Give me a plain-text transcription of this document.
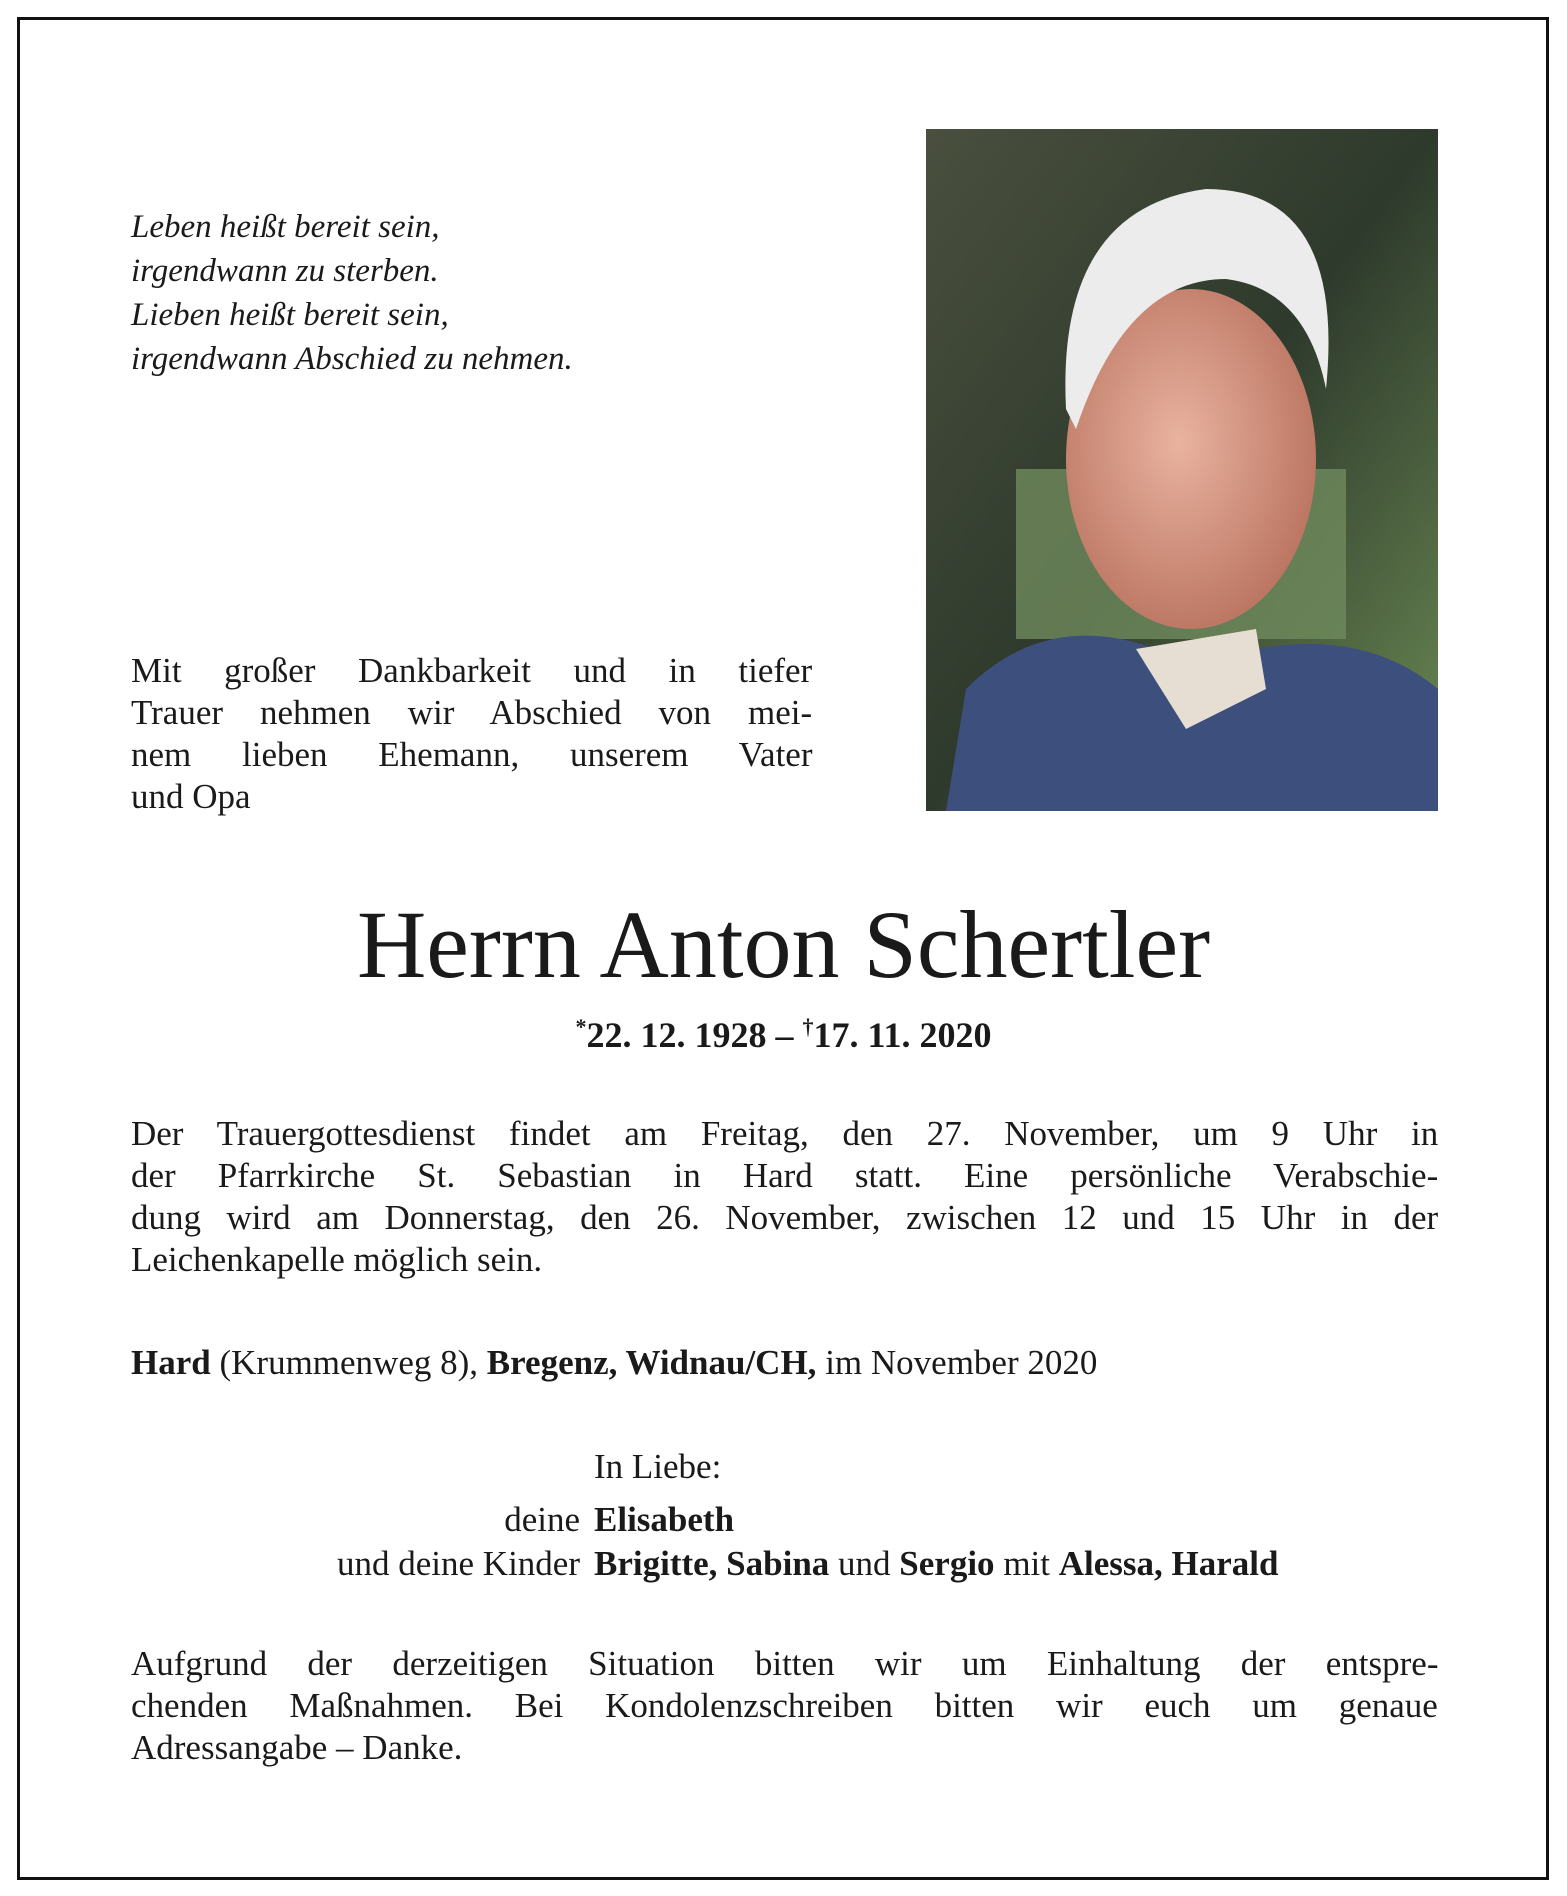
Leben heißt bereit sein,
irgendwann zu sterben.
Lieben heißt bereit sein,
irgendwann Abschied zu nehmen.
Mit großer Dankbarkeit und in tiefer
Trauer nehmen wir Abschied von mei-
nem lieben Ehemann, unserem Vater
und Opa
Herrn Anton Schertler
*22. 12. 1928 – †17. 11. 2020
Der Trauergottesdienst findet am Freitag, den 27. November, um 9 Uhr in
der Pfarrkirche St. Sebastian in Hard statt. Eine persönliche Verabschie-
dung wird am Donnerstag, den 26. November, zwischen 12 und 15 Uhr in der
Leichenkapelle möglich sein.
Hard (Krummenweg 8), Bregenz, Widnau/CH, im November 2020
In Liebe:
deine
und deine Kinder
Elisabeth
Brigitte, Sabina und Sergio mit Alessa, Harald
Aufgrund der derzeitigen Situation bitten wir um Einhaltung der entspre-
chenden Maßnahmen. Bei Kondolenzschreiben bitten wir euch um genaue
Adressangabe – Danke.
